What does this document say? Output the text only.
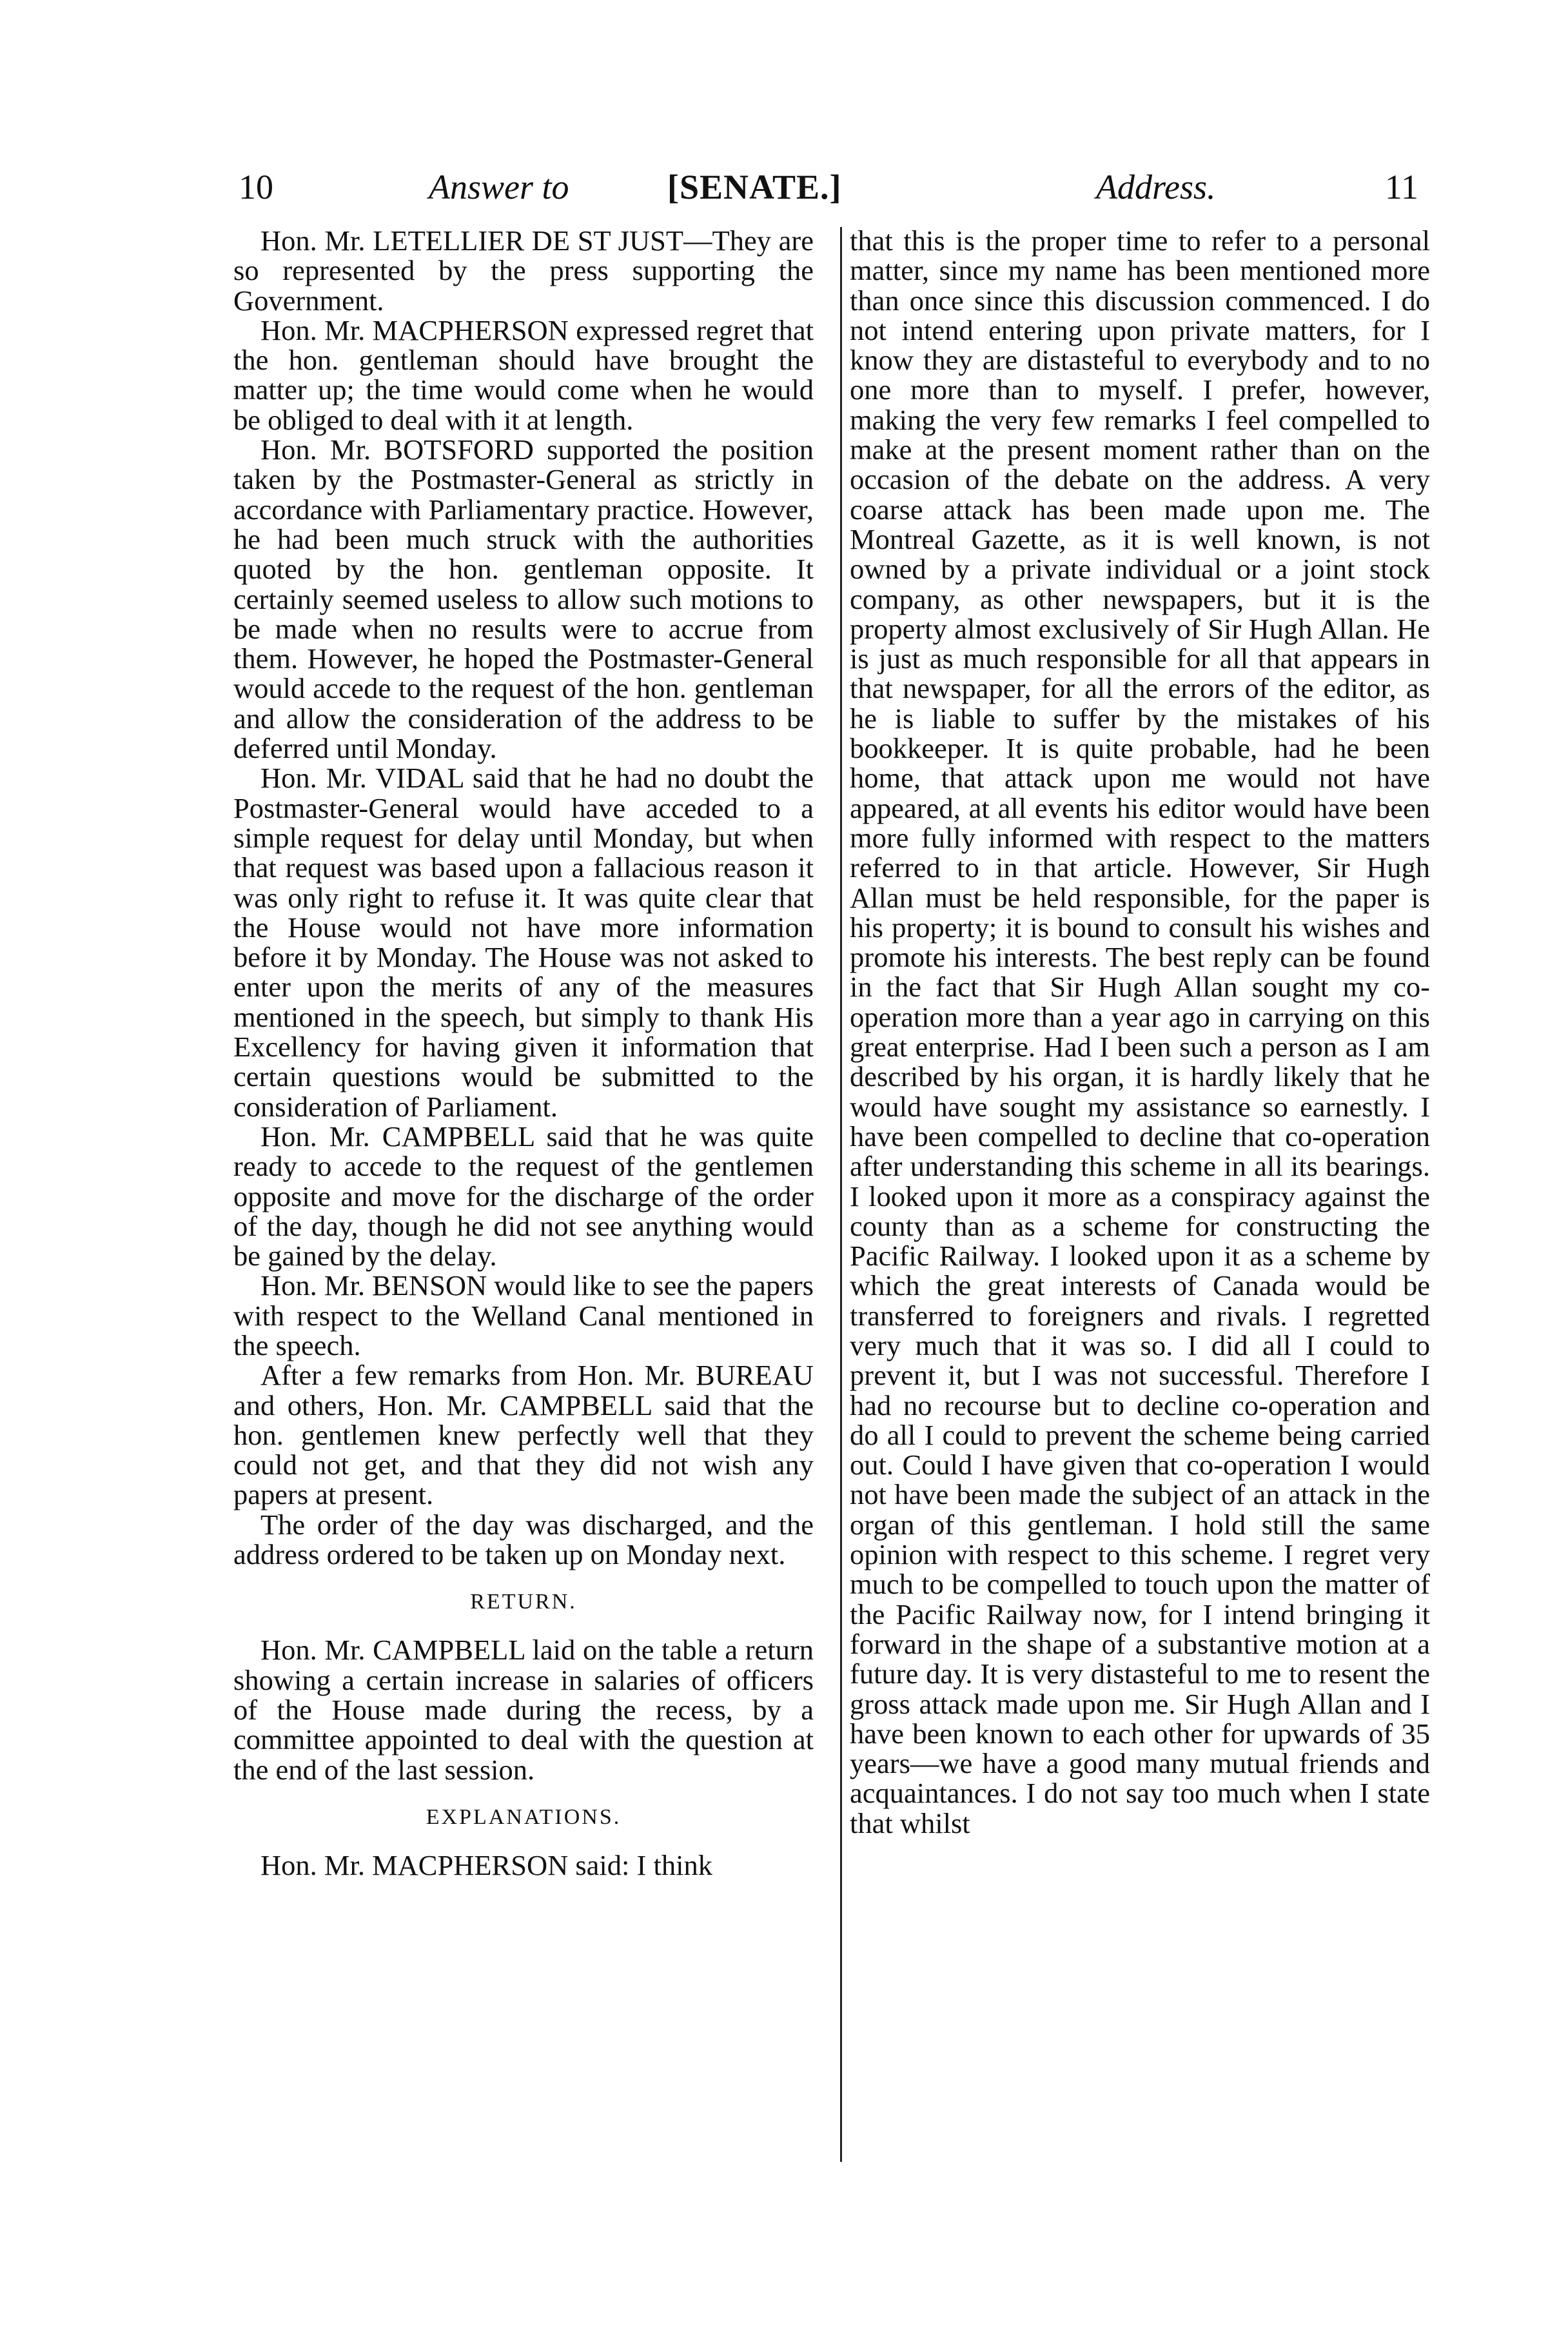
10	Answer to	[SENATE.]	Address.	11

Hon. Mr. LETELLIER DE ST JUST—They are so represented by the press supporting the Government.

Hon. Mr. MACPHERSON expressed regret that the hon. gentleman should have brought the matter up; the time would come when he would be obliged to deal with it at length.

Hon. Mr. BOTSFORD supported the position taken by the Postmaster-General as strictly in accordance with Parliamentary practice. However, he had been much struck with the authorities quoted by the hon. gentleman opposite. It certainly seemed useless to allow such motions to be made when no results were to accrue from them. However, he hoped the Postmaster-General would accede to the request of the hon. gentleman and allow the consideration of the address to be deferred until Monday.

Hon. Mr. VIDAL said that he had no doubt the Postmaster-General would have acceded to a simple request for delay until Monday, but when that request was based upon a fallacious reason it was only right to refuse it. It was quite clear that the House would not have more information before it by Monday. The House was not asked to enter upon the merits of any of the measures mentioned in the speech, but simply to thank His Excellency for having given it information that certain questions would be submitted to the consideration of Parliament.

Hon. Mr. CAMPBELL said that he was quite ready to accede to the request of the gentlemen opposite and move for the discharge of the order of the day, though he did not see anything would be gained by the delay.

Hon. Mr. BENSON would like to see the papers with respect to the Welland Canal mentioned in the speech.

After a few remarks from Hon. Mr. BUREAU and others, Hon. Mr. CAMPBELL said that the hon. gentlemen knew perfectly well that they could not get, and that they did not wish any papers at present.

The order of the day was discharged, and the address ordered to be taken up on Monday next.

RETURN.

Hon. Mr. CAMPBELL laid on the table a return showing a certain increase in salaries of officers of the House made during the recess, by a committee appointed to deal with the question at the end of the last session.

EXPLANATIONS.

Hon. Mr. MACPHERSON said: I think

that this is the proper time to refer to a personal matter, since my name has been mentioned more than once since this discussion commenced. I do not intend entering upon private matters, for I know they are distasteful to everybody and to no one more than to myself. I prefer, however, making the very few remarks I feel compelled to make at the present moment rather than on the occasion of the debate on the address. A very coarse attack has been made upon me. The Montreal Gazette, as it is well known, is not owned by a private individual or a joint stock company, as other newspapers, but it is the property almost exclusively of Sir Hugh Allan. He is just as much responsible for all that appears in that newspaper, for all the errors of the editor, as he is liable to suffer by the mistakes of his bookkeeper. It is quite probable, had he been home, that attack upon me would not have appeared, at all events his editor would have been more fully informed with respect to the matters referred to in that article. However, Sir Hugh Allan must be held responsible, for the paper is his property; it is bound to consult his wishes and promote his interests. The best reply can be found in the fact that Sir Hugh Allan sought my co-operation more than a year ago in carrying on this great enterprise. Had I been such a person as I am described by his organ, it is hardly likely that he would have sought my assistance so earnestly. I have been compelled to decline that co-operation after understanding this scheme in all its bearings. I looked upon it more as a conspiracy against the county than as a scheme for constructing the Pacific Railway. I looked upon it as a scheme by which the great interests of Canada would be transferred to foreigners and rivals. I regretted very much that it was so. I did all I could to prevent it, but I was not successful. Therefore I had no recourse but to decline co-operation and do all I could to prevent the scheme being carried out. Could I have given that co-operation I would not have been made the subject of an attack in the organ of this gentleman. I hold still the same opinion with respect to this scheme. I regret very much to be compelled to touch upon the matter of the Pacific Railway now, for I intend bringing it forward in the shape of a substantive motion at a future day. It is very distasteful to me to resent the gross attack made upon me. Sir Hugh Allan and I have been known to each other for upwards of 35 years—we have a good many mutual friends and acquaintances. I do not say too much when I state that whilst
